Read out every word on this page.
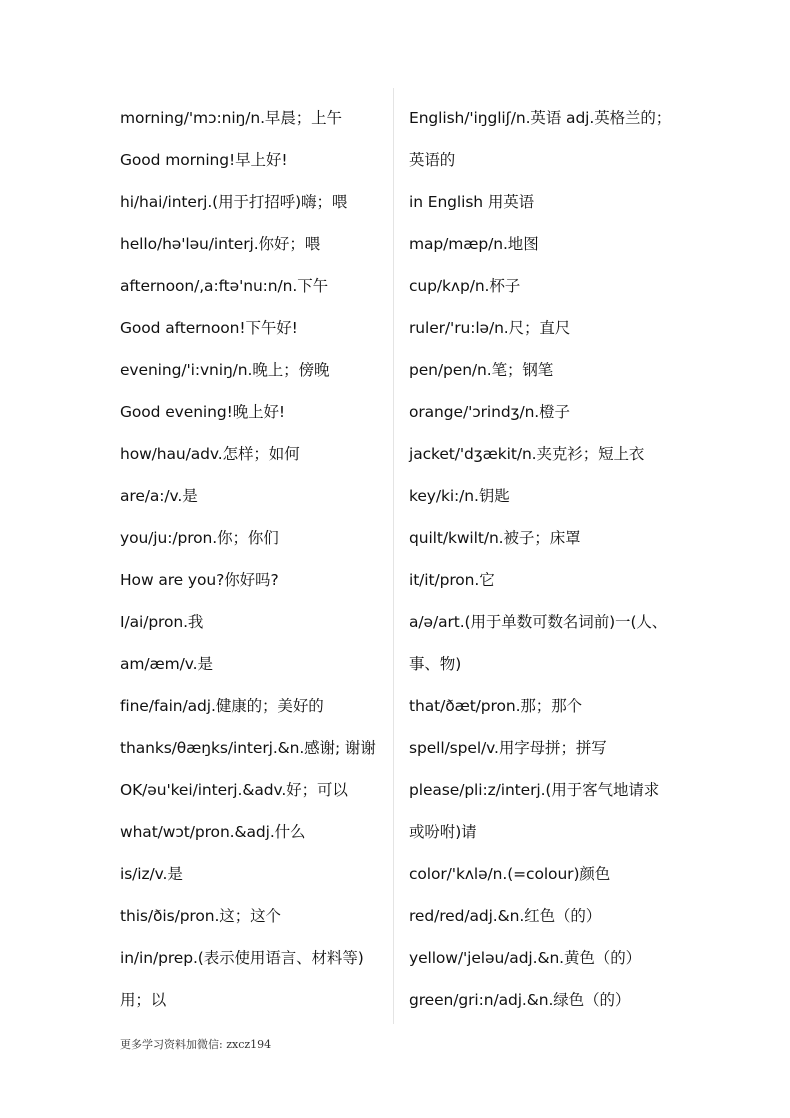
morning/'mɔ:niŋ/n.早晨；上午
Good morning!早上好!
hi/hai/interj.(用于打招呼)嗨；喂
hello/hə'ləu/interj.你好；喂
afternoon/,a:ftə'nu:n/n.下午
Good afternoon!下午好!
evening/'i:vniŋ/n.晚上；傍晚
Good evening!晚上好!
how/hau/adv.怎样；如何
are/a:/v.是
you/ju:/pron.你；你们
How are you?你好吗?
I/ai/pron.我
am/æm/v.是
fine/fain/adj.健康的；美好的
thanks/θæŋks/interj.&n.感谢; 谢谢
OK/əu'kei/interj.&adv.好；可以
what/wɔt/pron.&adj.什么
is/iz/v.是
this/ðis/pron.这；这个
in/in/prep.(表示使用语言、材料等)
用；以
English/'iŋgliʃ/n.英语 adj.英格兰的；
英语的
in English 用英语
map/mæp/n.地图
cup/kʌp/n.杯子
ruler/'ru:lə/n.尺；直尺
pen/pen/n.笔；钢笔
orange/'ɔrindʒ/n.橙子
jacket/'dʒækit/n.夹克衫；短上衣
key/ki:/n.钥匙
quilt/kwilt/n.被子；床罩
it/it/pron.它
a/ə/art.(用于单数可数名词前)一(人、
事、物)
that/ðæt/pron.那；那个
spell/spel/v.用字母拼；拼写
please/pli:z/interj.(用于客气地请求
或吩咐)请
color/'kʌlə/n.(=colour)颜色
red/red/adj.&n.红色（的）
yellow/'jeləu/adj.&n.黄色（的）
green/gri:n/adj.&n.绿色（的）
更多学习资料加微信: zxcz194
